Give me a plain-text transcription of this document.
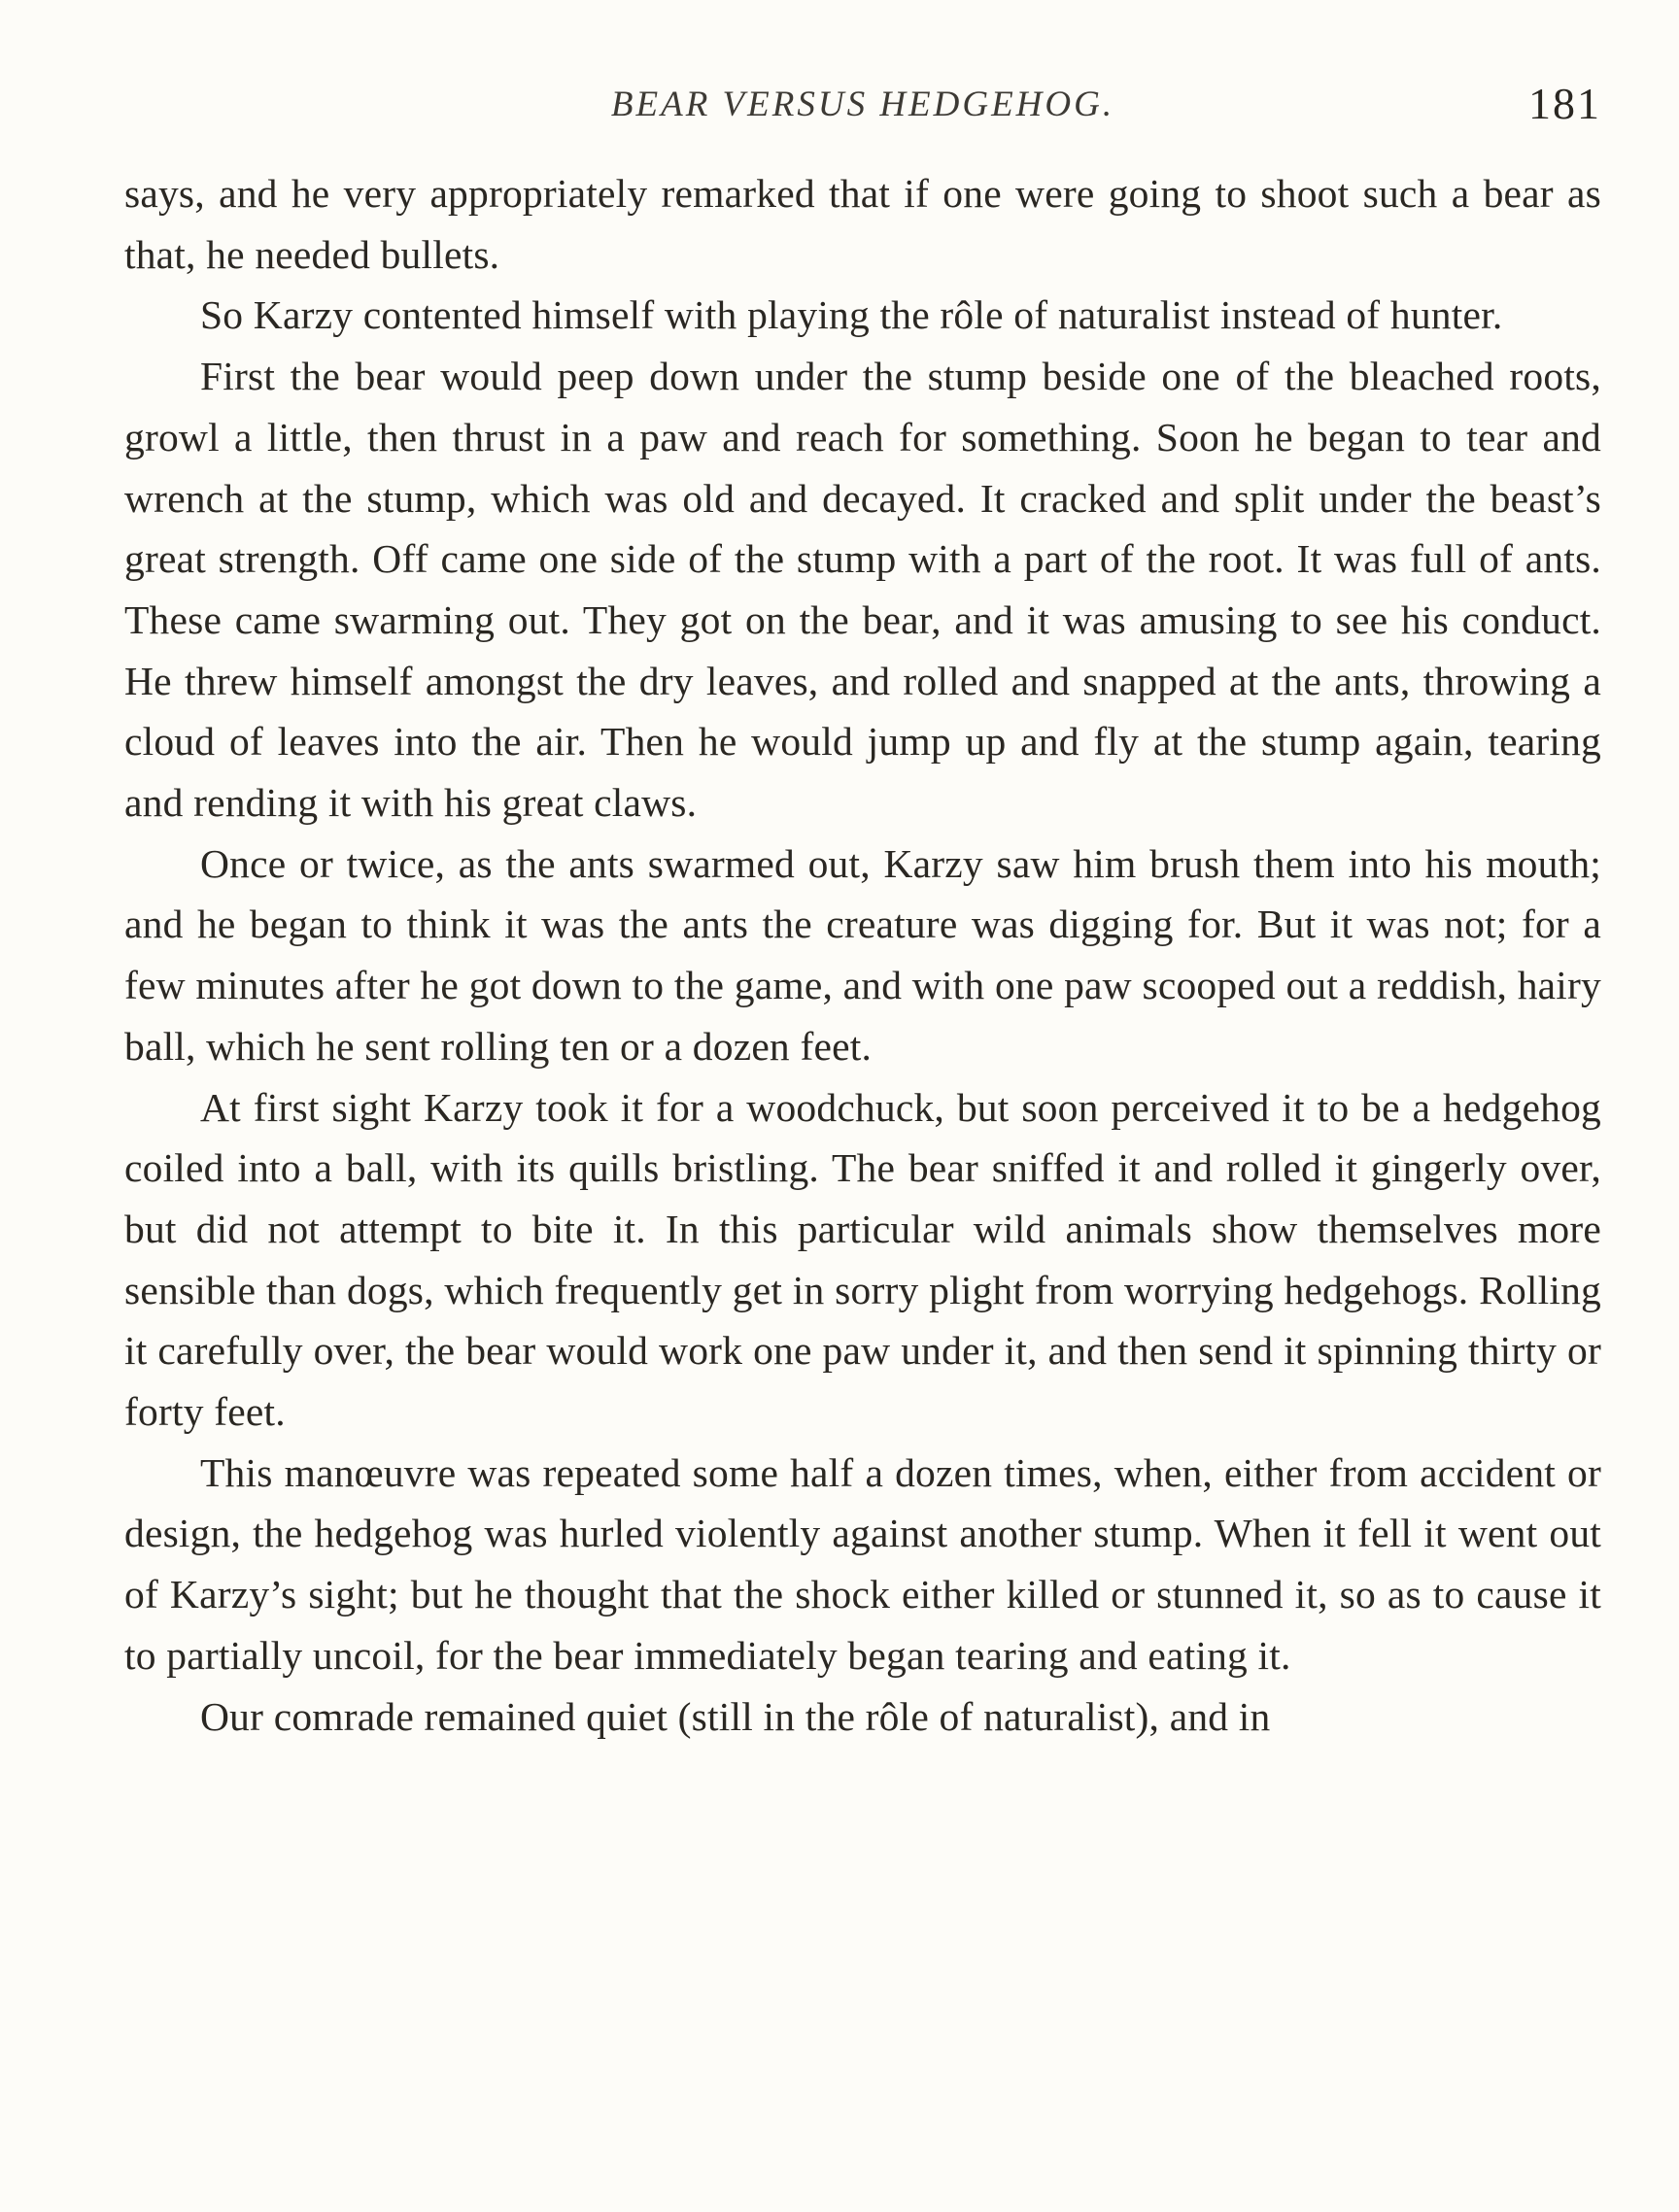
BEAR VERSUS HEDGEHOG.	181

says, and he very appropriately remarked that if one were going to shoot such a bear as that, he needed bullets.

So Karzy contented himself with playing the rôle of naturalist instead of hunter.

First the bear would peep down under the stump beside one of the bleached roots, growl a little, then thrust in a paw and reach for something. Soon he began to tear and wrench at the stump, which was old and decayed. It cracked and split under the beast’s great strength. Off came one side of the stump with a part of the root. It was full of ants. These came swarming out. They got on the bear, and it was amusing to see his conduct. He threw himself amongst the dry leaves, and rolled and snapped at the ants, throwing a cloud of leaves into the air. Then he would jump up and fly at the stump again, tearing and rending it with his great claws.

Once or twice, as the ants swarmed out, Karzy saw him brush them into his mouth; and he began to think it was the ants the creature was digging for. But it was not; for a few minutes after he got down to the game, and with one paw scooped out a reddish, hairy ball, which he sent rolling ten or a dozen feet.

At first sight Karzy took it for a woodchuck, but soon perceived it to be a hedgehog coiled into a ball, with its quills bristling. The bear sniffed it and rolled it gingerly over, but did not attempt to bite it. In this particular wild animals show themselves more sensible than dogs, which frequently get in sorry plight from worrying hedgehogs. Rolling it carefully over, the bear would work one paw under it, and then send it spinning thirty or forty feet.

This manœuvre was repeated some half a dozen times, when, either from accident or design, the hedgehog was hurled violently against another stump. When it fell it went out of Karzy’s sight; but he thought that the shock either killed or stunned it, so as to cause it to partially uncoil, for the bear immediately began tearing and eating it.

Our comrade remained quiet (still in the rôle of naturalist), and in
